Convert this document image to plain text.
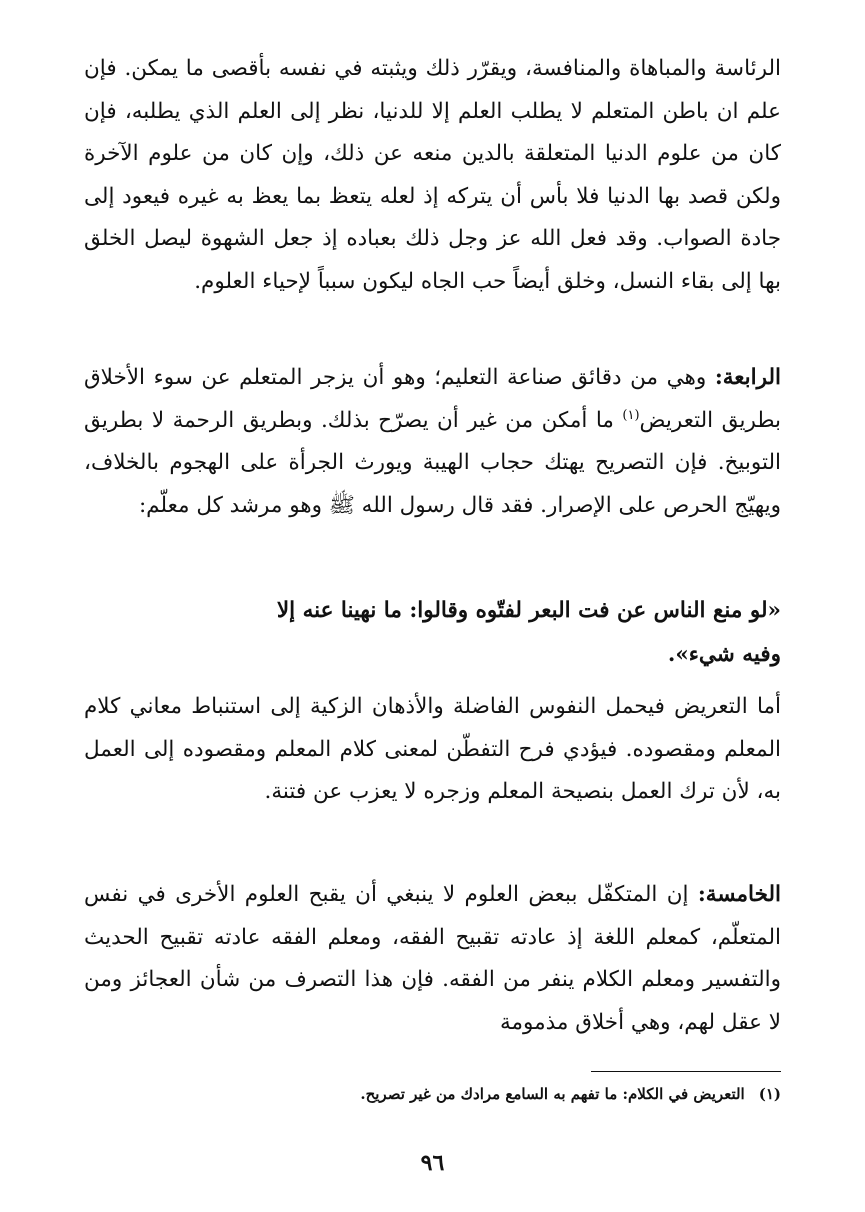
الرئاسة والمباهاة والمنافسة، ويقرّر ذلك ويثبته في نفسه بأقصى ما يمكن. فإن علم ان باطن المتعلم لا يطلب العلم إلا للدنيا، نظر إلى العلم الذي يطلبه، فإن كان من علوم الدنيا المتعلقة بالدين منعه عن ذلك، وإن كان من علوم الآخرة ولكن قصد بها الدنيا فلا بأس أن يتركه إذ لعله يتعظ بما يعظ به غيره فيعود إلى جادة الصواب. وقد فعل الله عز وجل ذلك بعباده إذ جعل الشهوة ليصل الخلق بها إلى بقاء النسل، وخلق أيضاً حب الجاه ليكون سبباً لإحياء العلوم.

الرابعة: وهي من دقائق صناعة التعليم؛ وهو أن يزجر المتعلم عن سوء الأخلاق بطريق التعريض$^{(١)}$ ما أمكن من غير أن يصرّح بذلك. وبطريق الرحمة لا بطريق التوبيخ. فإن التصريح يهتك حجاب الهيبة ويورث الجرأة على الهجوم بالخلاف، ويهيّج الحرص على الإصرار. فقد قال رسول الله ﷺ وهو مرشد كل معلّم:

«لو منع الناس عن فت البعر لفتّوه وقالوا: ما نهينا عنه إلا وفيه شيء».

أما التعريض فيحمل النفوس الفاضلة والأذهان الزكية إلى استنباط معاني كلام المعلم ومقصوده. فيؤدي فرح التفطّن لمعنى كلام المعلم ومقصوده إلى العمل به، لأن ترك العمل بنصيحة المعلم وزجره لا يعزب عن فتنة.

الخامسة: إن المتكفّل ببعض العلوم لا ينبغي أن يقبح العلوم الأخرى في نفس المتعلّم، كمعلم اللغة إذ عادته تقبيح الفقه، ومعلم الفقه عادته تقبيح الحديث والتفسير ومعلم الكلام ينفر من الفقه. فإن هذا التصرف من شأن العجائز ومن لا عقل لهم، وهي أخلاق مذمومة

(١)التعريض في الكلام: ما تفهم به السامع مرادك من غير تصريح.

٩٦
